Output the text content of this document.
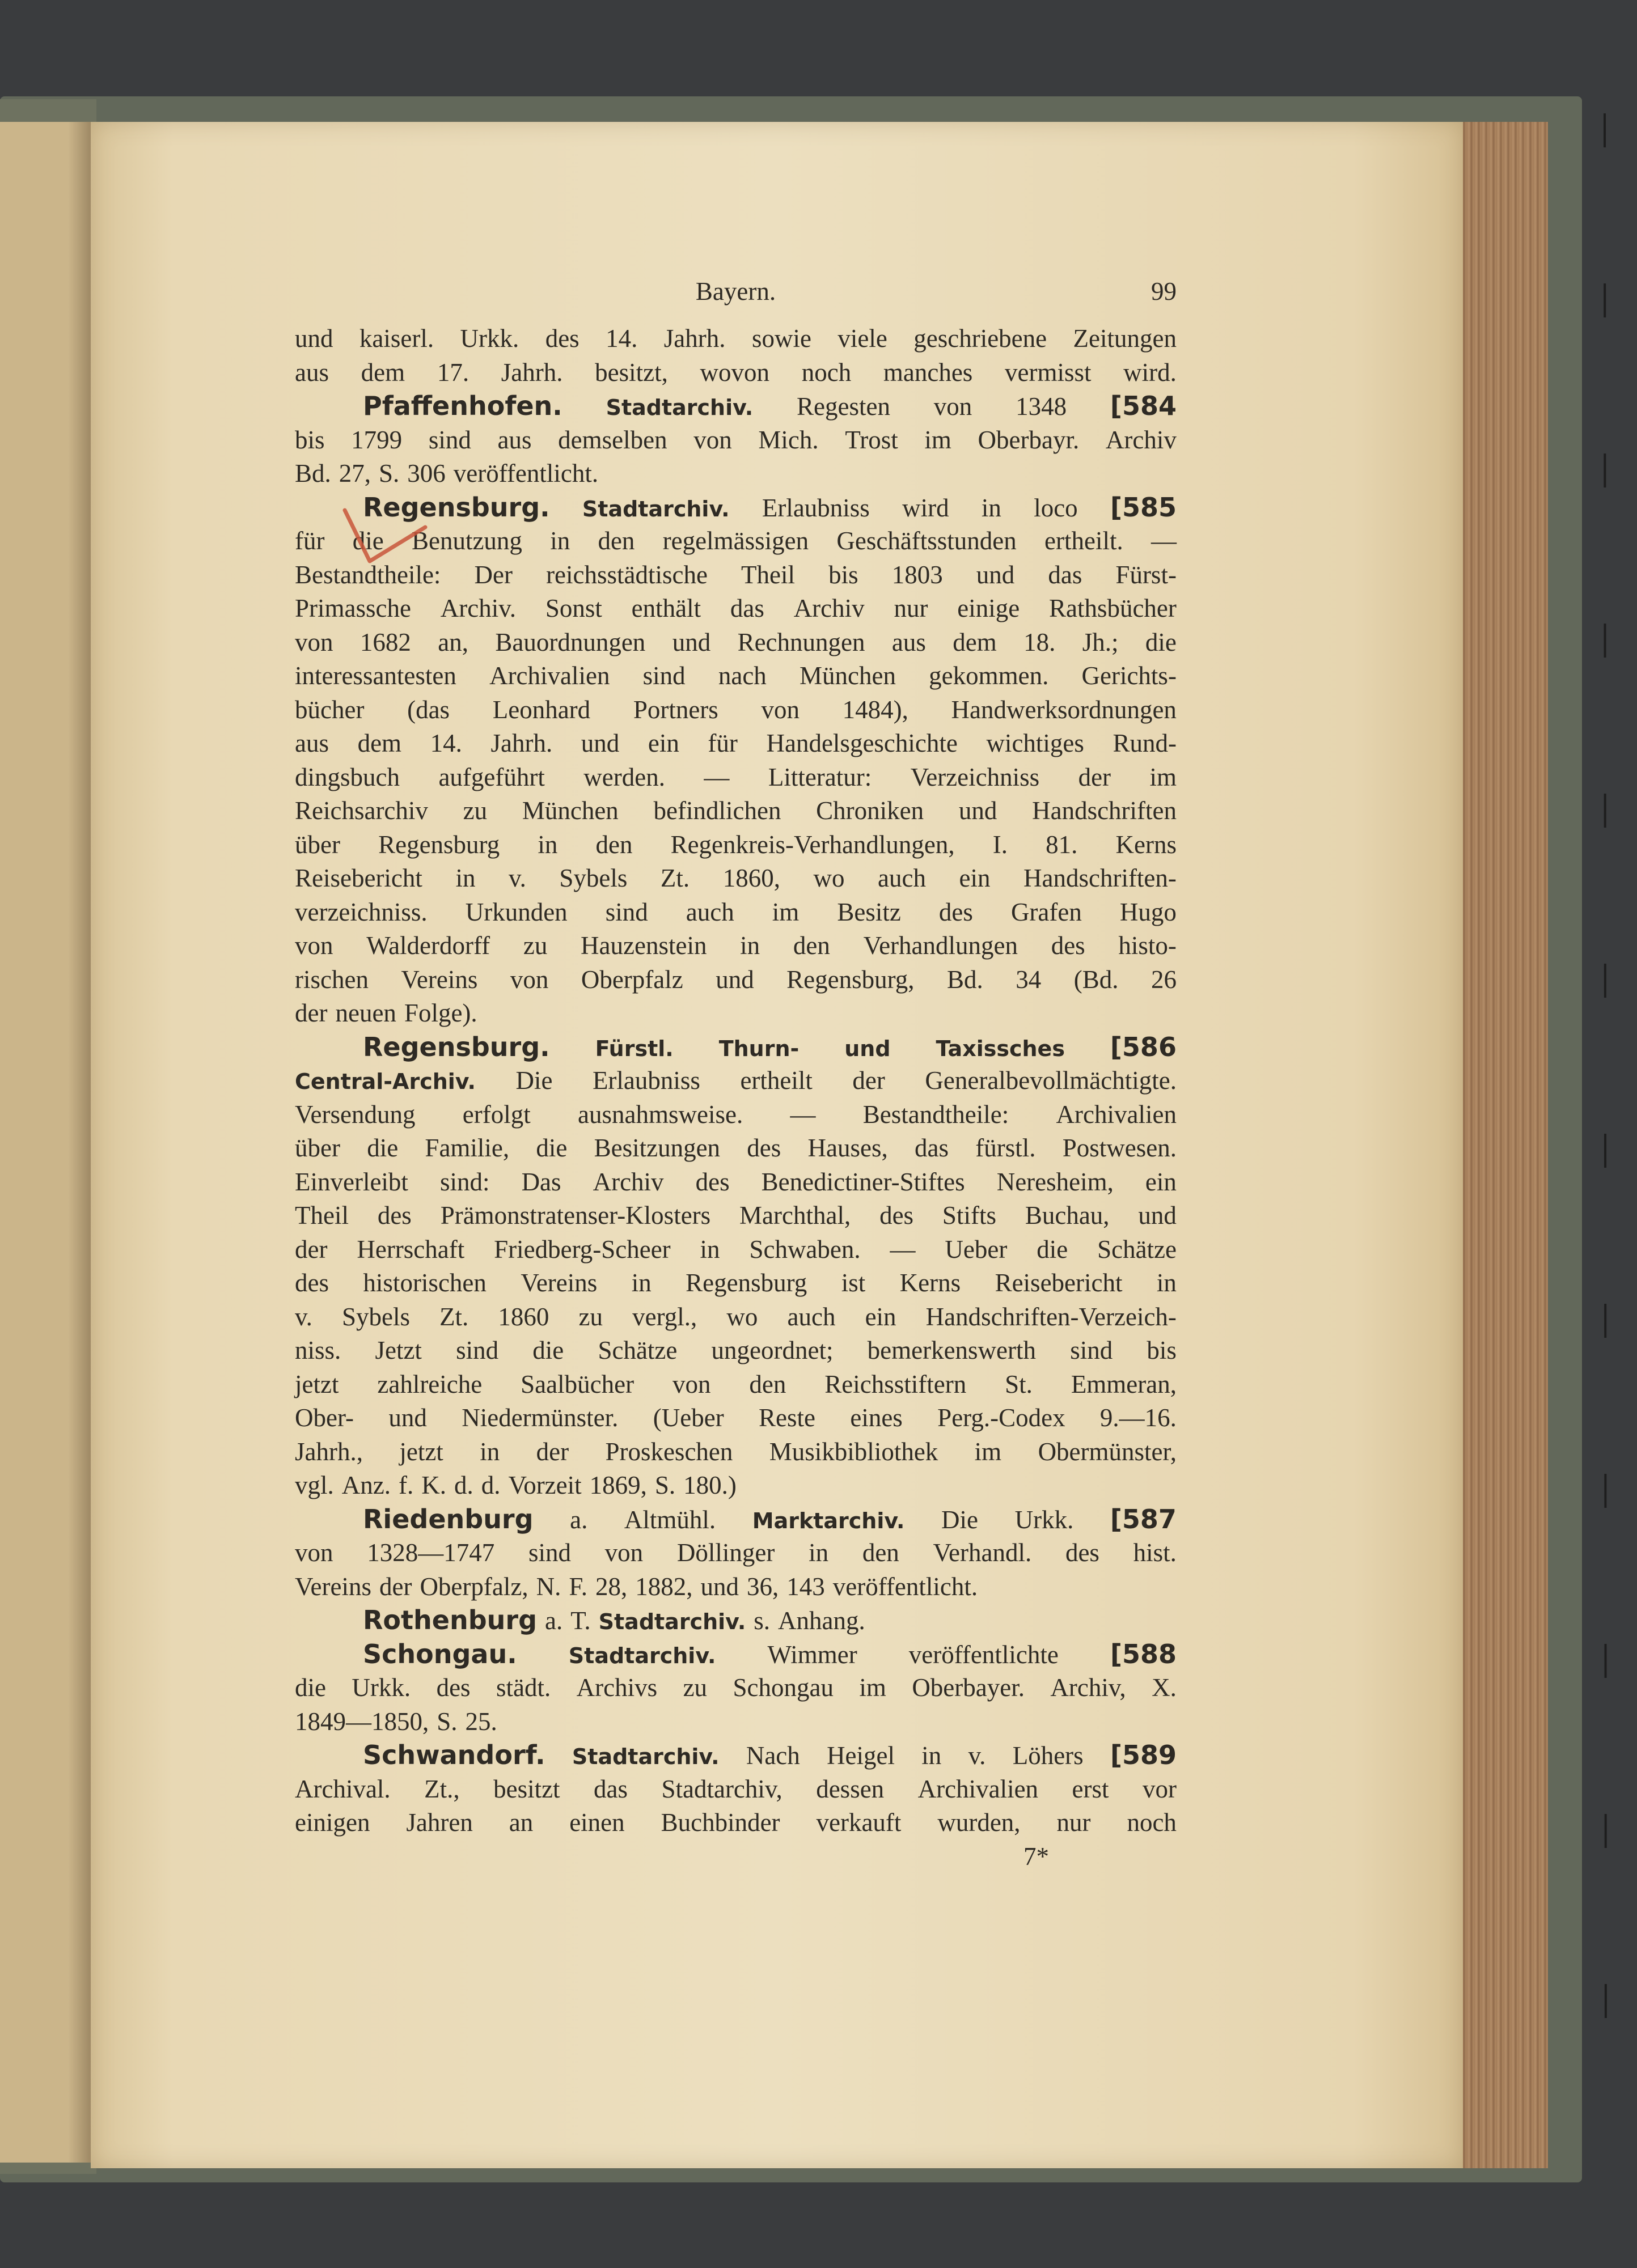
Bayern.	99
und kaiserl. Urkk. des 14. Jahrh. sowie viele geschriebene Zeitungen
aus dem 17. Jahrh. besitzt, wovon noch manches vermisst wird.
Pfaffenhofen. Stadtarchiv. Regesten von 1348 [584
bis 1799 sind aus demselben von Mich. Trost im Oberbayr. Archiv
Bd. 27, S. 306 veröffentlicht.
Regensburg. Stadtarchiv. Erlaubniss wird in loco [585
für die Benutzung in den regelmässigen Geschäftsstunden ertheilt. —
Bestandtheile: Der reichsstädtische Theil bis 1803 und das Fürst-
Primassche Archiv. Sonst enthält das Archiv nur einige Rathsbücher
von 1682 an, Bauordnungen und Rechnungen aus dem 18. Jh.; die
interessantesten Archivalien sind nach München gekommen. Gerichts-
bücher (das Leonhard Portners von 1484), Handwerksordnungen
aus dem 14. Jahrh. und ein für Handelsgeschichte wichtiges Rund-
dingsbuch aufgeführt werden. — Litteratur: Verzeichniss der im
Reichsarchiv zu München befindlichen Chroniken und Handschriften
über Regensburg in den Regenkreis-Verhandlungen, I. 81. Kerns
Reisebericht in v. Sybels Zt. 1860, wo auch ein Handschriften-
verzeichniss. Urkunden sind auch im Besitz des Grafen Hugo
von Walderdorff zu Hauzenstein in den Verhandlungen des histo-
rischen Vereins von Oberpfalz und Regensburg, Bd. 34 (Bd. 26
der neuen Folge).
Regensburg. Fürstl. Thurn- und Taxissches [586
Central-Archiv. Die Erlaubniss ertheilt der Generalbevollmächtigte.
Versendung erfolgt ausnahmsweise. — Bestandtheile: Archivalien
über die Familie, die Besitzungen des Hauses, das fürstl. Postwesen.
Einverleibt sind: Das Archiv des Benedictiner-Stiftes Neresheim, ein
Theil des Prämonstratenser-Klosters Marchthal, des Stifts Buchau, und
der Herrschaft Friedberg-Scheer in Schwaben. — Ueber die Schätze
des historischen Vereins in Regensburg ist Kerns Reisebericht in
v. Sybels Zt. 1860 zu vergl., wo auch ein Handschriften-Verzeich-
niss. Jetzt sind die Schätze ungeordnet; bemerkenswerth sind bis
jetzt zahlreiche Saalbücher von den Reichsstiftern St. Emmeran,
Ober- und Niedermünster. (Ueber Reste eines Perg.-Codex 9.—16.
Jahrh., jetzt in der Proskeschen Musikbibliothek im Obermünster,
vgl. Anz. f. K. d. d. Vorzeit 1869, S. 180.)
Riedenburg a. Altmühl. Marktarchiv. Die Urkk. [587
von 1328—1747 sind von Döllinger in den Verhandl. des hist.
Vereins der Oberpfalz, N. F. 28, 1882, und 36, 143 veröffentlicht.
Rothenburg a. T. Stadtarchiv. s. Anhang.
Schongau. Stadtarchiv. Wimmer veröffentlichte [588
die Urkk. des städt. Archivs zu Schongau im Oberbayer. Archiv, X.
1849—1850, S. 25.
Schwandorf. Stadtarchiv. Nach Heigel in v. Löhers [589
Archival. Zt., besitzt das Stadtarchiv, dessen Archivalien erst vor
einigen Jahren an einen Buchbinder verkauft wurden, nur noch
7*
